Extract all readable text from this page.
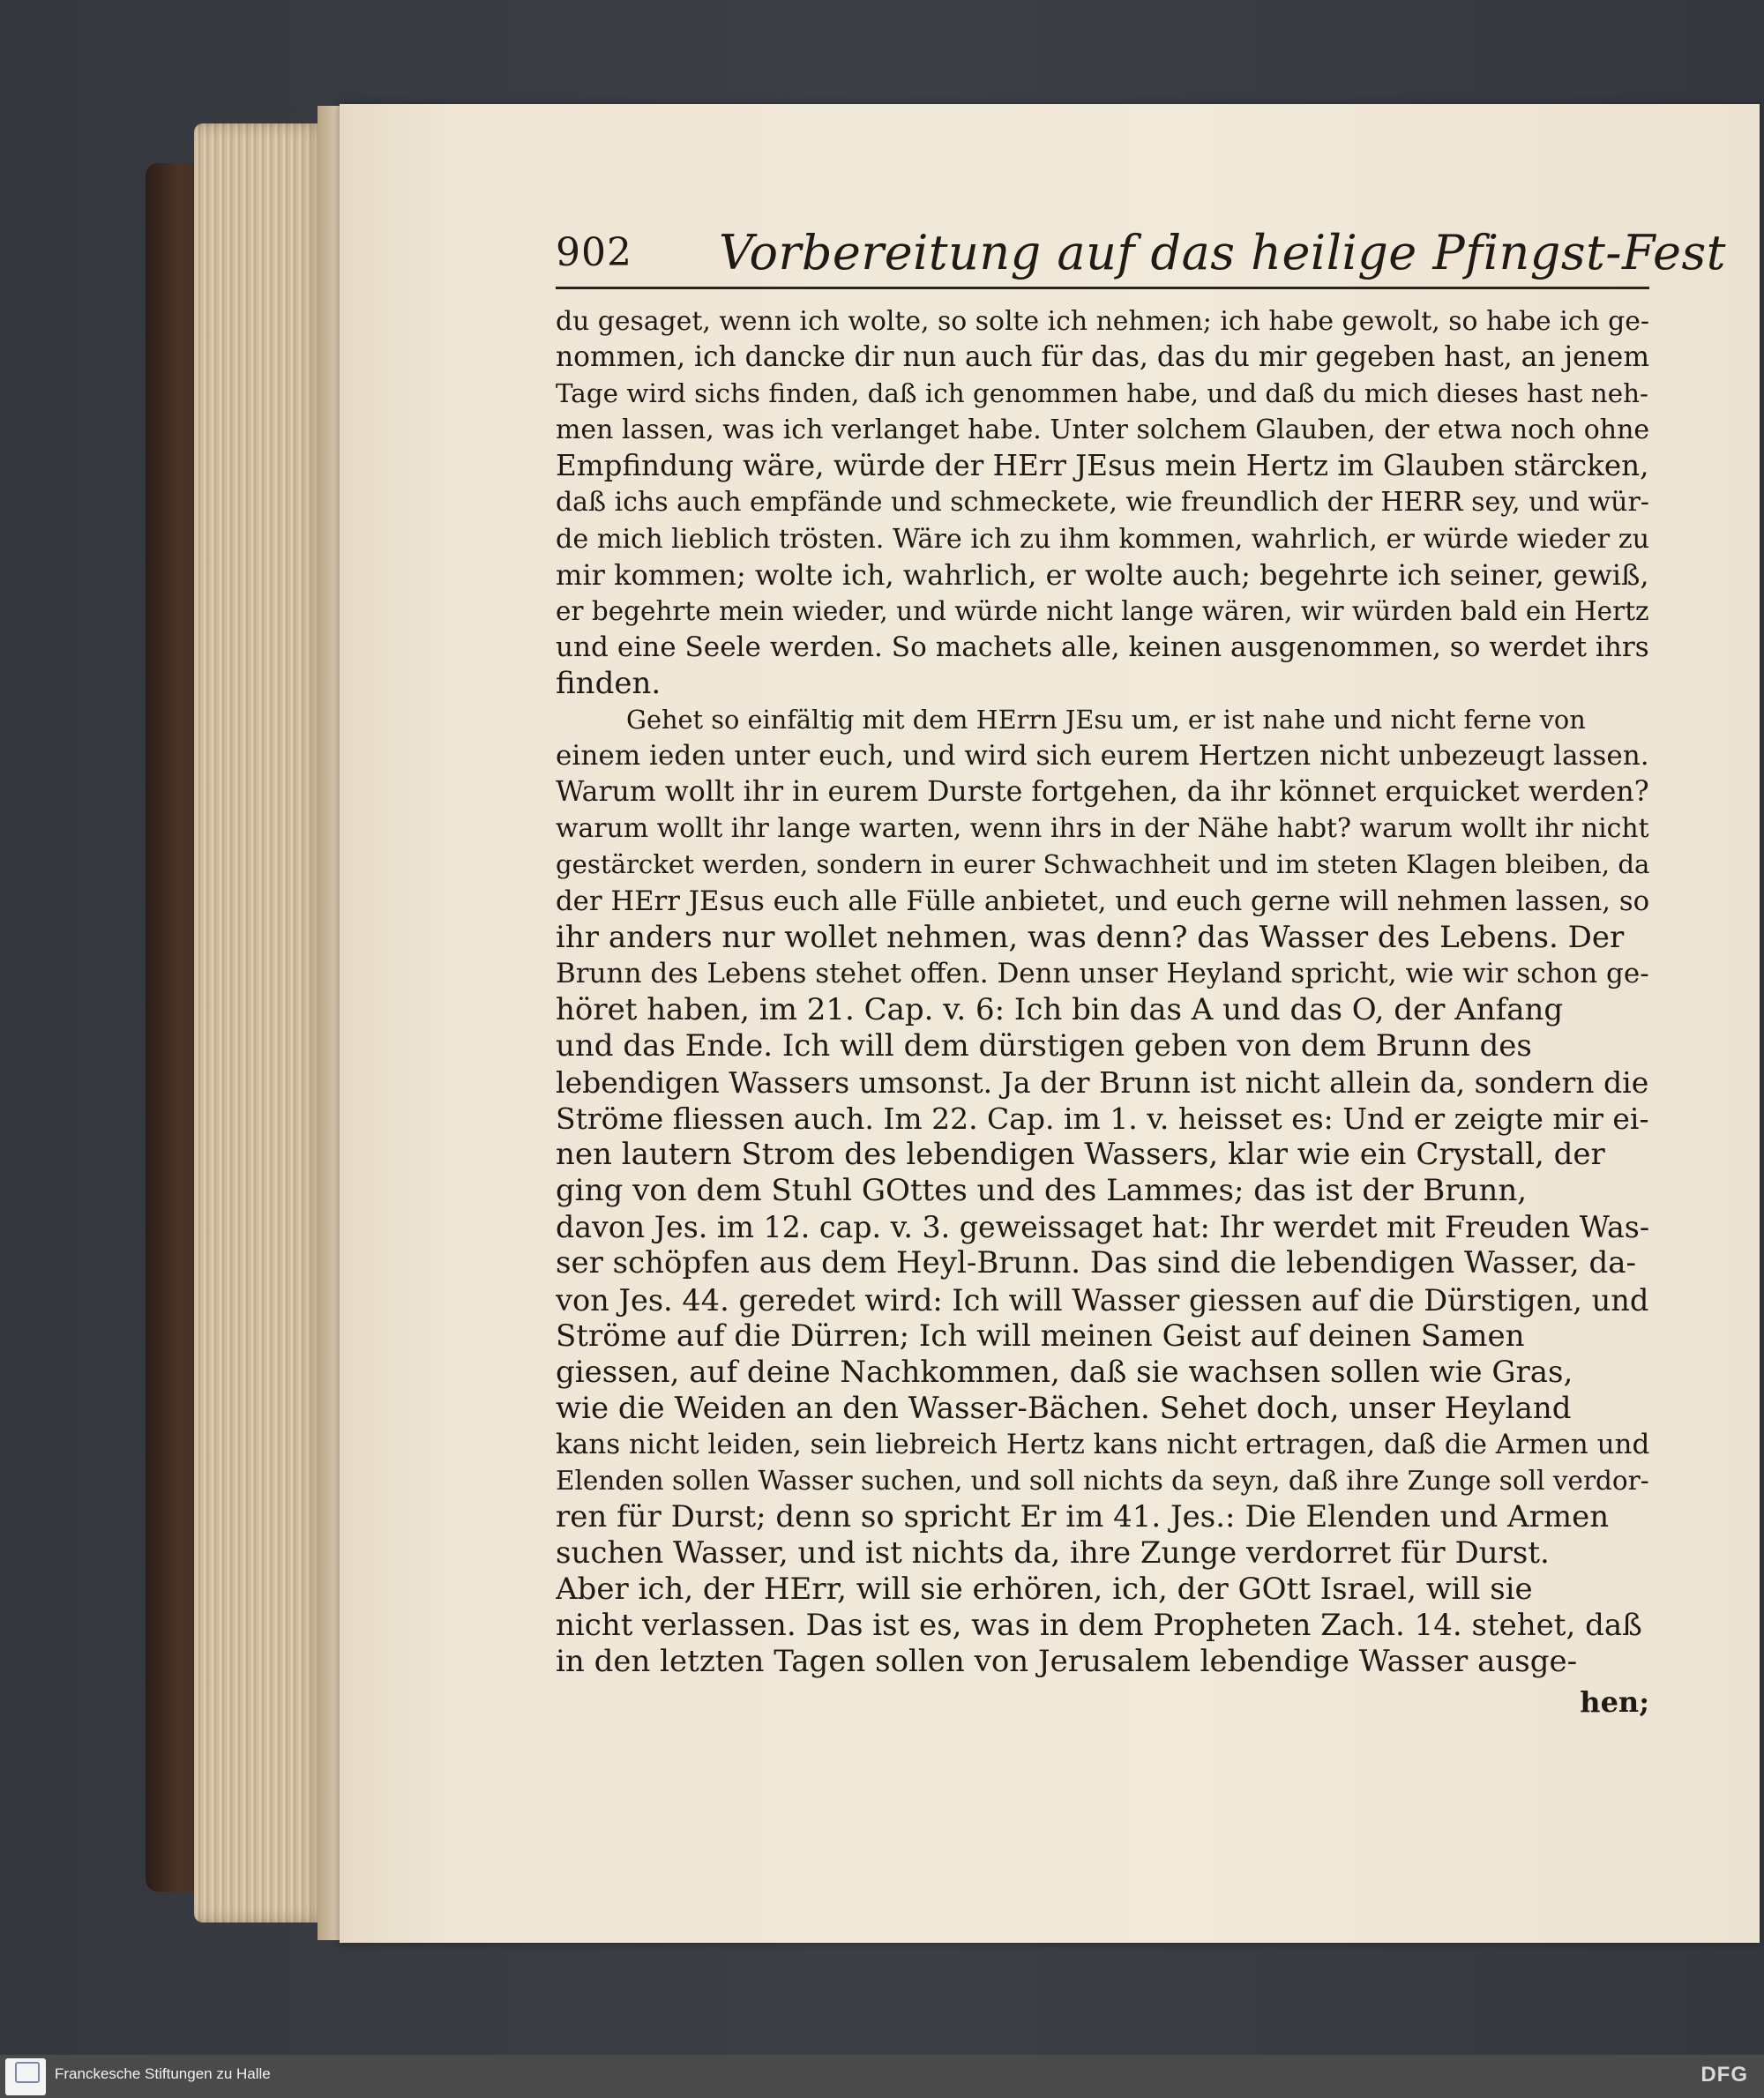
902 Vorbereitung auf das heilige Pfingst-Fest
du gesaget, wenn ich wolte, so solte ich nehmen; ich habe gewolt, so habe ich ge-
nommen, ich dancke dir nun auch für das, das du mir gegeben hast, an jenem
Tage wird sichs finden, daß ich genommen habe, und daß du mich dieses hast neh-
men lassen, was ich verlanget habe. Unter solchem Glauben, der etwa noch ohne
Empfindung wäre, würde der HErr JEsus mein Hertz im Glauben stärcken,
daß ichs auch empfände und schmeckete, wie freundlich der HERR sey, und wür-
de mich lieblich trösten. Wäre ich zu ihm kommen, wahrlich, er würde wieder zu
mir kommen; wolte ich, wahrlich, er wolte auch; begehrte ich seiner, gewiß,
er begehrte mein wieder, und würde nicht lange wären, wir würden bald ein Hertz
und eine Seele werden. So machets alle, keinen ausgenommen, so werdet ihrs
finden.
Gehet so einfältig mit dem HErrn JEsu um, er ist nahe und nicht ferne von
einem ieden unter euch, und wird sich eurem Hertzen nicht unbezeugt lassen.
Warum wollt ihr in eurem Durste fortgehen, da ihr könnet erquicket werden?
warum wollt ihr lange warten, wenn ihrs in der Nähe habt? warum wollt ihr nicht
gestärcket werden, sondern in eurer Schwachheit und im steten Klagen bleiben, da
der HErr JEsus euch alle Fülle anbietet, und euch gerne will nehmen lassen, so
ihr anders nur wollet nehmen, was denn? das Wasser des Lebens. Der
Brunn des Lebens stehet offen. Denn unser Heyland spricht, wie wir schon ge-
höret haben, im 21. Cap. v. 6: Ich bin das A und das O, der Anfang
und das Ende. Ich will dem dürstigen geben von dem Brunn des
lebendigen Wassers umsonst. Ja der Brunn ist nicht allein da, sondern die
Ströme fliessen auch. Im 22. Cap. im 1. v. heisset es: Und er zeigte mir ei-
nen lautern Strom des lebendigen Wassers, klar wie ein Crystall, der
ging von dem Stuhl GOttes und des Lammes; das ist der Brunn,
davon Jes. im 12. cap. v. 3. geweissaget hat: Ihr werdet mit Freuden Was-
ser schöpfen aus dem Heyl-Brunn. Das sind die lebendigen Wasser, da-
von Jes. 44. geredet wird: Ich will Wasser giessen auf die Dürstigen, und
Ströme auf die Dürren; Ich will meinen Geist auf deinen Samen
giessen, auf deine Nachkommen, daß sie wachsen sollen wie Gras,
wie die Weiden an den Wasser-Bächen. Sehet doch, unser Heyland
kans nicht leiden, sein liebreich Hertz kans nicht ertragen, daß die Armen und
Elenden sollen Wasser suchen, und soll nichts da seyn, daß ihre Zunge soll verdor-
ren für Durst; denn so spricht Er im 41. Jes.: Die Elenden und Armen
suchen Wasser, und ist nichts da, ihre Zunge verdorret für Durst.
Aber ich, der HErr, will sie erhören, ich, der GOtt Israel, will sie
nicht verlassen. Das ist es, was in dem Propheten Zach. 14. stehet, daß
in den letzten Tagen sollen von Jerusalem lebendige Wasser ausge-
hen;
Franckesche Stiftungen zu Halle	DFG
